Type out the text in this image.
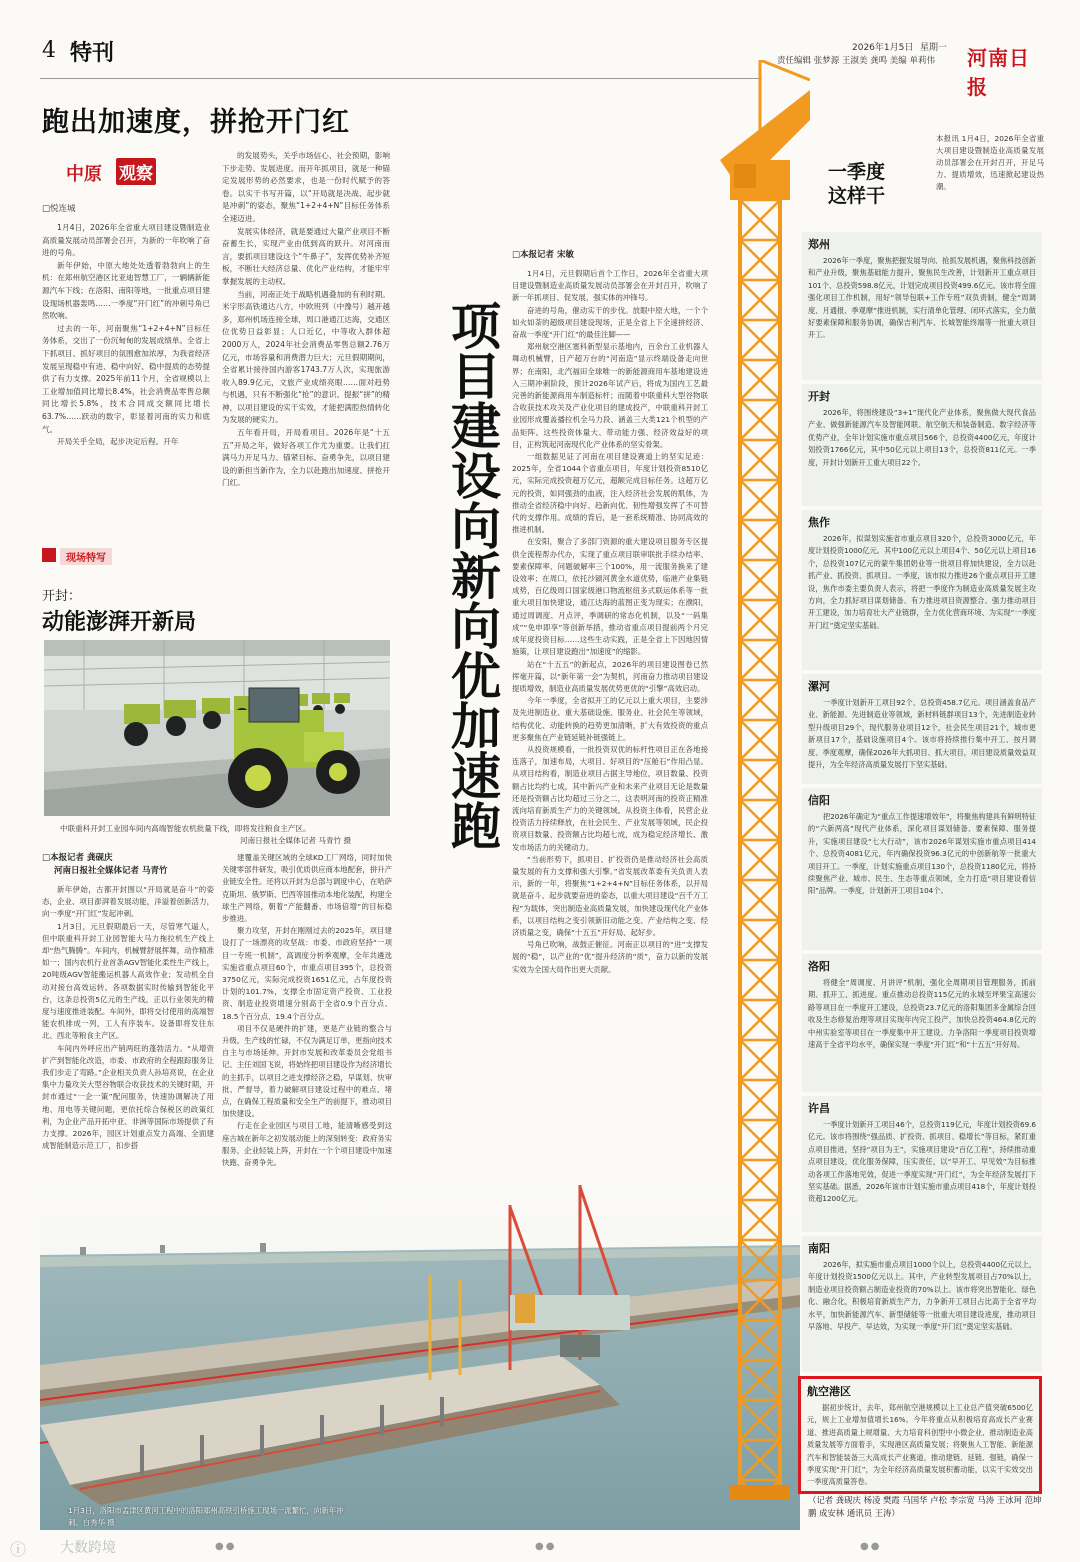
4 特刊	2026年1月5日 星期一
责任编辑 张梦源 王淑美 龚鸣 美编 单莉伟 河南日报
跑出加速度，拼抢开门红
中原 观察
□悦连城

1月4日，2026年全省重大项目建设暨制造业高质量发展动员部署会召开，为新的一年吹响了奋进的号角。

新年伊始，中原大地处处透着勃勃向上的生机：在郑州航空港区比亚迪智慧工厂，一辆辆新能源汽车下线；在洛阳、南阳等地，一批重点项目建设现场机器轰鸣……一季度“开门红”的冲刺号角已然吹响。

过去的一年，河南聚焦“1+2+4+N”目标任务体系，交出了一份沉甸甸的发展成绩单。全省上下抓项目、抓好项目的氛围愈加浓厚，为我省经济发展呈现稳中有进、稳中向好、稳中提质的态势提供了有力支撑。2025年前11个月，全省规模以上工业增加值同比增长8.4%，社会消费品零售总额同比增长5.8%，技术合同成交额同比增长63.7%……跃动的数字，彰显着河南的实力和底气。

开局关乎全局，起步决定后程。开年

的发展势头，关乎市场信心、社会预期，影响下步走势、发展进度。而开年抓项目，就是一种锚定发展形势的必然要求，也是一份时代赋予的答卷。以实干书写开篇，以“开局就是决战、起步就是冲刺”的姿态，聚焦“1+2+4+N”目标任务体系全速迈进。

发展实体经济，就是要通过大量产业项目不断奋蓄生长，实现产业由低到高的跃升。对河南而言，要抓项目建设这个“牛鼻子”，发挥优势补齐短板，不断壮大经济总量、优化产业结构，才能牢牢掌握发展的主动权。

当前，河南正处于战略机遇叠加的有利时期。米字形高铁通达八方，中欧班列（中豫号）越开越多，郑州机场连接全球，周口港通江达海，交通区位优势日益彰显；人口近亿，中等收入群体超2000万人，2024年社会消费品零售总额2.76万亿元，市场容量和消费潜力巨大；元旦假期期间，全省累计接待国内游客1743.7万人次，实现旅游收入89.9亿元，文旅产业成绩亮眼……面对趋势与机遇，只有不断强化“抢”的意识、提振“拼”的精神，以项目建设的实干实效，才能把满腔热情转化为发展的硬实力。

五年看开局，开局看项目。2026年是“十五五”开局之年，做好各项工作尤为重要。让我们扛满马力开足马力、锚紧目标、奋勇争先，以项目建设的新担当新作为，全力以赴跑出加速度、拼抢开门红。

现场特写
开封：
动能澎湃开新局
中联重科开封工业园车间内高端智能农机批量下线，即将发往粮食主产区。
河南日报社全媒体记者 马青竹 摄
□本报记者 龚砚庆
河南日报社全媒体记者 马青竹

新年伊始，古都开封围以“开局就是奋斗”的姿态，企业、项目澎湃着发展动能，洋溢着创新活力，向一季度“开门红”发起冲刺。

1月3日，元旦假期最后一天，尽管寒气逼人，但中联重科开封工业园智能大马力拖拉机生产线上却“热气腾腾”。车间内，机械臂舒展挥舞，动作精准如一；国内农机行业首条AGV智能化柔性生产线上，20吨级AGV智能搬运机器人高效作业；发动机全自动对接台高效运转。各项数据实时传输到智能化平台，这条总投资5亿元的生产线，正以行业领先的精度与速度推进装配。车间外，即将交付使用的高端智能农机排成一列，工人有序装车。设备即将发往东北、西北等粮食主产区。

车间内外呼应出产销两旺的蓬勃活力。“从增资扩产到智能化改造，市委、市政府的全程跟踪服务让我们步走了弯路。”企业相关负责人孙培亮说，在企业集中力量攻关大型谷物联合收获技术的关键时期，开封市通过“一企一策”配问服务，快速协调解决了用地、用电等关键问题，更依托综合保税区的政策红利，为企业产品开拓中亚、非洲等国际市场提供了有力支撑。2026年，园区计划重点发力高端、全面建成智能制造示范工厂，扣步搭

建覆盖关键区域的全球KD工厂网络，同时加快关键零部件研发，吸引优质供应商本地配套，拼升产业链安全性。还将以开封为总部与调度中心，在哈萨克斯坦、俄罗斯、巴西等国推动本地化装配，构建全球生产网络，朝着“产能翻番、市场倍增”的目标稳步推进。

聚力攻坚，开封在刚刚过去的2025年，项目建设打了一场漂亮的攻坚战：市委、市政府坚持“一项目一专班一机制”，高调度分析季观摩，全年共遴选实施省重点项目60个，市重点项目395个，总投资3750亿元，实际完成投资1651亿元，占年度投资计划的101.7%，支撑全市固定资产投资、工业投资、制造业投资增速分别高于全省0.9个百分点、18.5个百分点、19.4个百分点。

项目不仅是硬件的扩建，更是产业链的整合与升级。生产线的忙碌，不仅为满足订单，更指向技术自主与市场延伸。开封市发展和改革委员会党组书记、主任刘国飞说，将始终把项目建设作为经济增长的主抓手，以项目之进支撑经济之稳，早谋划、快审批、严督导，着力破解项目建设过程中的难点、堵点，在确保工程质量和安全生产的前提下，推动项目加快建设。

行走在企业园区与项目工地，能清晰感受到这座古城在新年之初发展动能上的深刻转变：政府务实服务，企业轻装上阵，开封在一个个项目建设中加速快跑、奋勇争先。

项目建设向新向优加速跑
□本报记者 宋敏

1月4日，元旦假期后首个工作日，2026年全省重大项目建设暨制造业高质量发展动员部署会在开封召开，吹响了新一年抓项目、促发展、强实体的冲锋号。

奋进的号角，催动实干的步伐。放眼中原大地，一个个如火如荼的超级项目建设现场，正是全省上下全速拼经济、奋战一季度“开门红”的最佳注脚——

郑州航空港区塞科新型显示基地内，百余台工业机器人舞动机械臂，日产超万台的“河南造”显示终端设备走向世界；在南阳，北汽福田全球唯一的新能源商用车基地建设进入三期冲刺阶段，预计2026年试产后，将成为国内工艺最完善的新能源商用车制造标杆；而随着中联重科大型谷物联合收获技术攻关及产业化项目的建成投产，中联重科开封工业园形成覆盖播拉机全马力段、涵盖三大类121个机型的产品矩阵。这些投资体量大、带动能力强、经济效益好的项目，正构筑起河南现代化产业体系的坚实骨架。

一组数据见证了河南在项目建设赛道上的坚实足迹：2025年，全省1044个省重点项目，年度计划投资8510亿元，实际完成投资超万亿元，超额完成目标任务。这超万亿元的投资，如同强劲的血液，注入经济社会发展的肌体，为推动全省经济稳中向好、趋新向优、韧性增强发挥了不可替代的支撑作用。成绩的背后，是一套系统精准、协同高效的推进机制。

在安阳，聚合了多部门资源的重大建设项目服务专区提供全流程帮办代办，实现了重点项目联审联批手续办结率、要素保障率、问题破解率三个100%，用一流服务换来了建设效率；在周口，依托沙颍河黄金水道优势，临港产业集链成势，百亿级周口国家级港口物流枢纽多式联运体系等一批重大项目加快建设，通江达海的蓝图正变为现实；在濮阳，通过周调度、月点评，季调研的常态化机制，以及“一码集成”“免申即享”等创新举措，推动省重点项目提前两个月完成年度投资目标……这些生动实践，正是全省上下因地因情施策，让项目建设跑出“加速度”的缩影。

站在“十五五”的新起点，2026年的项目建设图卷已然挥毫开篇，以“新年第一会”为契机，河南奋力推动项目建设提质增效，制造业高质量发展优势更优的“引擎”高效启动。

今年一季度，全省拟开工的亿元以上重大项目，主要涉及先进制造业、重大基础设施、服务业、社会民生等领域，结构优化、动能转换的趋势更加清晰，扩大有效投资的重点更多聚焦在产业链延链补链强链上。

从投资规模看，一批投资双优的标杆性项目正在各地接连落子，加速布局，大项目、好项目的“压舱石”作用凸显。从项目结构看，制造业项目占据主导地位，项目数量、投资额占比均约七成，其中新兴产业和未来产业项目无论是数量还是投资额占比均超过三分之二，这表明河南的投资正精准流向培育新质生产力的关键领域。从投资主体看，民营企业投资活力持续释放，在社会民生、产业发展等领域，民企投资项目数量、投资额占比均超七成，成为稳定经济增长、激发市场活力的关键动力。

“当前形势下，抓项目、扩投资仍是推动经济社会高质量发展的有力支撑和强大引擎。”省发展改革委有关负责人表示，新的一年，将聚焦“1+2+4+N”目标任务体系，以开局就是奋斗、起步就要奋进的姿态，以重大项目建设“百千万工程”为载体，突出制造业高质量发展，加快建设现代化产业体系，以项目结构之变引领新旧动能之变、产业结构之变、经济质量之变，确保“十五五”开好局、起好步。

号角已吹响，战鼓正催征。河南正以项目的“进”支撑发展的“稳”，以产业的“优”提升经济的“质”，奋力以新的发展实效为全国大局作出更大贡献。

1月3日，洛阳市孟津区黄河工程中的洛阳郑州高铁引桥施工现场一派繁忙，向新年冲刺。白秀华 摄
本报讯 1月4日，2026年全省重大项目建设暨制造业高质量发展动员部署会在开封召开，开足马力、提质增效，迅速掀起建设热潮。
一季度
这样干
郑州

2026年一季度，聚焦把握发展导向、抢抓发展机遇，聚焦科技创新和产业升级，聚焦基础能力提升，聚焦民生改善，计划新开工重点项目101个、总投资598.8亿元，计划完成项目投资499.6亿元。该市将全面强化项目工作机制，用好“领导包联+工作专班”双负责制，健全“周调度、月通报、季观摩”推进机制，实行清单化管理、闭环式落实，全力做好要素保障和服务协调，确保吉利汽车、长城智能终端等一批重大项目开工。

开封

2026年，将围绕建设“3+1”现代化产业体系，聚焦做大现代食品产业、做强新能源汽车及智能网联、航空航天和装备制造、数字经济等优势产业，全年计划实施市重点项目566个，总投资4400亿元，年度计划投资1766亿元，其中50亿元以上项目13个，总投资811亿元。一季度，开封计划新开工重大项目22个。

焦作

2026年，拟谋划实施省市重点项目320个，总投资3000亿元，年度计划投资1000亿元。其中100亿元以上项目4个、50亿元以上项目16个，总投资107亿元的蒙牛集团奶业等一批项目将加快建设，全力以赴抓产业、抓投资、抓项目。一季度，该市拟力推进26个重点项目开工建设，焦作市委主要负责人表示，将把一季度作为制造业高质量发展主攻方向，全力抓好项目谋划储备、有力推进项目资源整合、强力推动项目开工建设，加力培育壮大产业链群，全力优化营商环境、为实现“一季度开门红”奠定坚实基础。

漯河

一季度计划新开工项目92个、总投资458.7亿元。项目涵盖食品产业、新能源、先进制造业等领域，新材料链群项目13个，先进制造业转型升级项目29个，现代服务业项目12个，社会民生项目21个，城市更新项目17个，基础设施项目4个。该市将持续推行集中开工、按月调度、季度观摩，确保2026年大抓项目、抓大项目，项目建设质量效益双提升，为全年经济高质量发展打下坚实基础。

信阳

把2026年确定为“重点工作提速增效年”，将聚焦构建具有鲜明特征的“六新两高”现代产业体系，深化项目谋划储备、要素保障、服务提升，实施项目建设“七大行动”，该市2026年谋划实施市重点项目414个、总投资4081亿元，年内确保投资96.3亿元的中创新航等一批重大项目开工。一季度，计划实施重点项目130个，总投资1180亿元，将持续聚焦产业、城市、民生、生态等重点领域，全力打造“项目建设看信阳”品牌。一季度，计划新开工项目104个。

洛阳

将健全“周调度、月讲评”机制，强化全周期项目管理服务，抓前期、抓开工、抓进度。重点推动总投资115亿元的永城至坪果宝高速公路等项目在一季度开工建设，总投资23.7亿元的洛阳集团多金属综合回收及生态修复治理等项目实现年内完工投产，加快总投资464.8亿元的中州实验室等项目在一季度集中开工建设。力争洛阳一季度项目投资增速高于全省平均水平，确保实现一季度“开门红”和“十五五”开好局。

许昌

一季度计划新开工项目46个，总投资119亿元，年度计划投资69.6亿元。该市将围绕“强品质、扩投资、抓项目、稳增长”等目标，紧盯重点项目推进，坚持“项目为王”，实施项目建设“百亿工程”，持续推动重点项目建设，优化服务保障，压实责任，以“早开工、早见效”为目标推动各项工作落地见效，促进一季度实现“开门红”，为全年经济发展打下坚实基础。据悉，2026年该市计划实施市重点项目418个，年度计划投资超1200亿元。

南阳

2026年，拟实施市重点项目1000个以上，总投资4400亿元以上，年度计划投资1500亿元以上。其中，产业转型发展项目占70%以上，制造业项目投资额占制造业投资的70%以上。该市将突出智能化、绿色化、融合化，积极培育新质生产力，力争新开工项目占比高于全省平均水平，加快新能源汽车、新型储能等一批重大项目建设进度，推动项目早落地、早投产、早达效，为实现一季度“开门红”奠定坚实基础。

航空港区

据初步统计，去年，郑州航空港规模以上工业总产值突破6500亿元，规上工业增加值增长16%。今年将重点从积极培育高成长产业赛道、推进高质量上规增量、大力培育科创型中小微企业、推动制造业高质量发展等方面着手，实现港区高质量发展；将聚焦人工智能、新能源汽车和智能装备三大高成长产业赛道，推动建链、延链、强链，确保一季度实现“开门红”，为全年经济高质量发展积蓄动能，以实干实效交出一季度高质量答卷。

（记者 龚砚庆 杨凌 樊霞 马国华 卢松 李宗宽 马涛 王冰珂 范坤鹏 成安林 通讯员 王涛）
ⓘ 大数跨境	●●	●●	●●
